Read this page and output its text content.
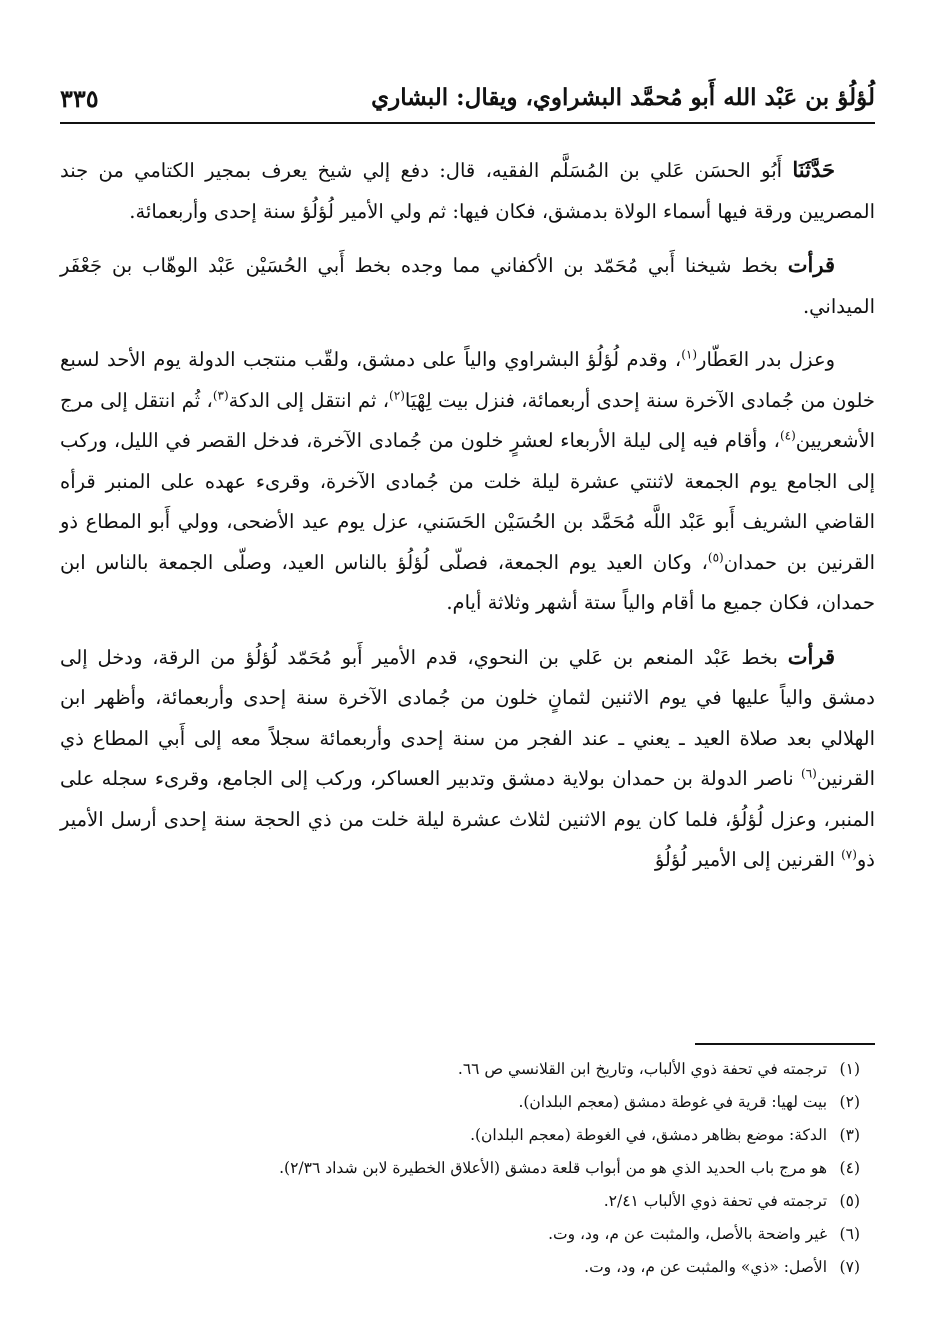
٣٣٥	لُؤلُؤ بن عَبْد الله أَبو مُحمَّد البشراوي، ويقال: البشاري

حَدَّثَنَا أَبُو الحسَن عَلي بن المُسَلَّم الفقيه، قال: دفع إلي شيخ يعرف بمجير الكتامي من جند المصريين ورقة فيها أسماء الولاة بدمشق، فكان فيها: ثم ولي الأمير لُؤلُؤ سنة إحدى وأربعمائة.

قرأت بخط شيخنا أَبي مُحَمّد بن الأكفاني مما وجده بخط أَبي الحُسَيْن عَبْد الوهّاب بن جَعْفَر الميداني.

وعزل بدر العَطّار$^{(١)}$، وقدم لُؤلُؤ البشراوي والياً على دمشق، ولقّب منتجب الدولة يوم الأحد لسبع خلون من جُمادى الآخرة سنة إحدى أربعمائة، فنزل بيت لِهْيَا$^{(٢)}$، ثم انتقل إلى الدكة$^{(٣)}$، ثُم انتقل إلى مرج الأشعريين$^{(٤)}$، وأقام فيه إلى ليلة الأربعاء لعشرٍ خلون من جُمادى الآخرة، فدخل القصر في الليل، وركب إلى الجامع يوم الجمعة لاثنتي عشرة ليلة خلت من جُمادى الآخرة، وقرىء عهده على المنبر قرأه القاضي الشريف أَبو عَبْد اللَّه مُحَمَّد بن الحُسَيْن الحَسَني، عزل يوم عيد الأضحى، وولي أَبو المطاع ذو القرنين بن حمدان$^{(٥)}$، وكان العيد يوم الجمعة، فصلّى لُؤلُؤ بالناس العيد، وصلّى الجمعة بالناس ابن حمدان، فكان جميع ما أقام والياً ستة أشهر وثلاثة أيام.

قرأت بخط عَبْد المنعم بن عَلي بن النحوي، قدم الأمير أَبو مُحَمّد لُؤلُؤ من الرقة، ودخل إلى دمشق والياً عليها في يوم الاثنين لثمانٍ خلون من جُمادى الآخرة سنة إحدى وأربعمائة، وأظهر ابن الهلالي بعد صلاة العيد ـ يعني ـ عند الفجر من سنة إحدى وأربعمائة سجلاً معه إلى أَبي المطاع ذي القرنين$^{(٦)}$ ناصر الدولة بن حمدان بولاية دمشق وتدبير العساكر، وركب إلى الجامع، وقرىء سجله على المنبر، وعزل لُؤلُؤ، فلما كان يوم الاثنين لثلاث عشرة ليلة خلت من ذي الحجة سنة إحدى أرسل الأمير ذو$^{(٧)}$ القرنين إلى الأمير لُؤلُؤ

(١) ترجمته في تحفة ذوي الألباب، وتاريخ ابن القلانسي ص ٦٦.
(٢) بيت لهيا: قرية في غوطة دمشق (معجم البلدان).
(٣) الدكة: موضع بظاهر دمشق، في الغوطة (معجم البلدان).
(٤) هو مرج باب الحديد الذي هو من أبواب قلعة دمشق (الأعلاق الخطيرة لابن شداد ٢/٣٦).
(٥) ترجمته في تحفة ذوي الألباب ٢/٤١.
(٦) غير واضحة بالأصل، والمثبت عن م، ود، وت.
(٧) الأصل: «ذي» والمثبت عن م، ود، وت.
